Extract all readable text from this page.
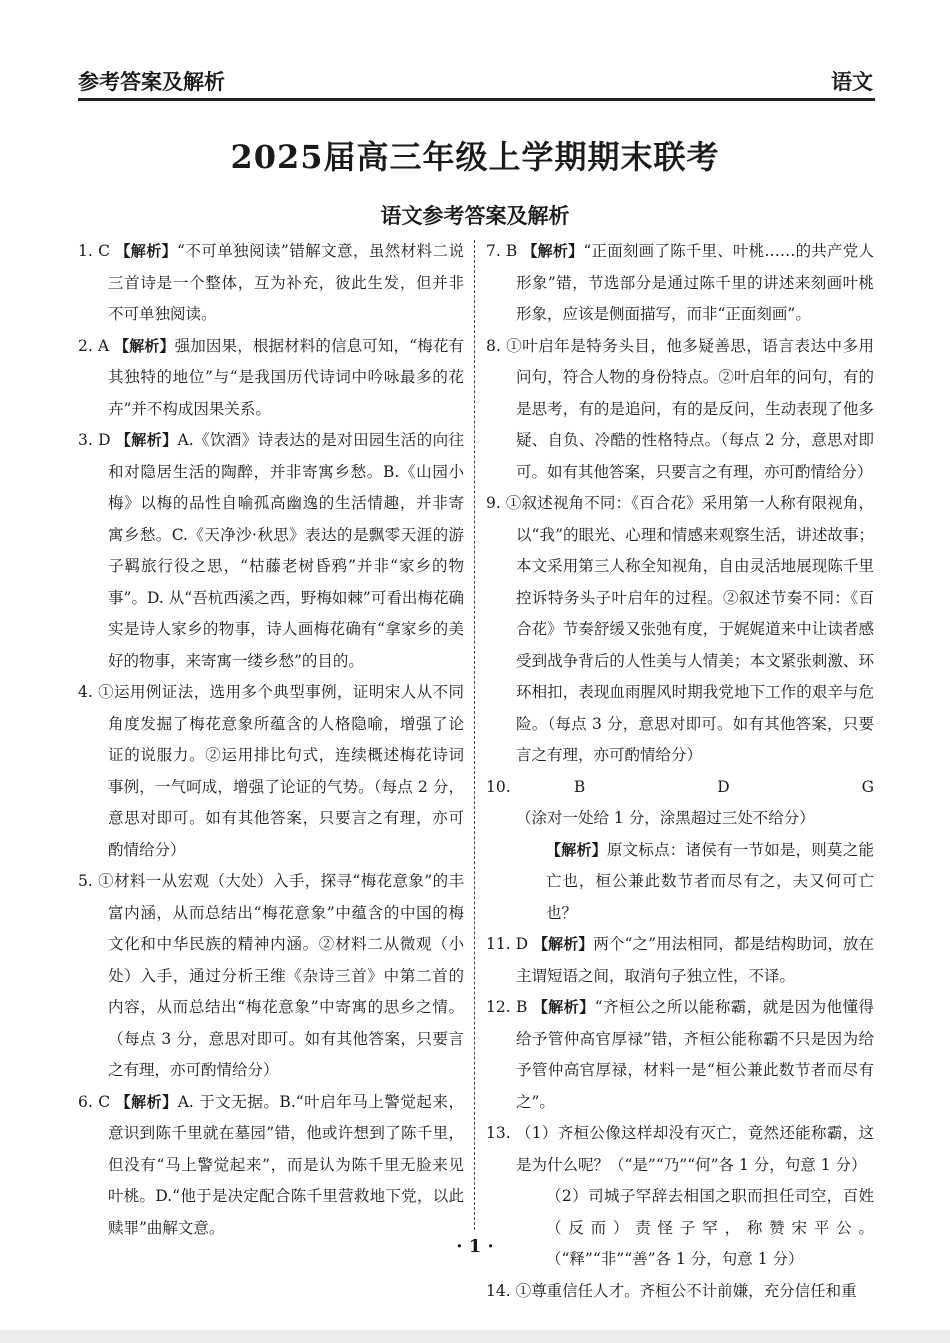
参考答案及解析	语文
2025届高三年级上学期期末联考
语文参考答案及解析
1. C 【解析】“不可单独阅读”错解文意，虽然材料二说三首诗是一个整体，互为补充，彼此生发，但并非不可单独阅读。
2. A 【解析】强加因果，根据材料的信息可知，“梅花有其独特的地位”与“是我国历代诗词中吟咏最多的花卉”并不构成因果关系。
3. D 【解析】A.《饮酒》诗表达的是对田园生活的向往和对隐居生活的陶醉，并非寄寓乡愁。B.《山园小梅》以梅的品性自喻孤高幽逸的生活情趣，并非寄寓乡愁。C.《天净沙·秋思》表达的是飘零天涯的游子羁旅行役之思，“枯藤老树昏鸦”并非“家乡的物事”。D. 从“吾杭西溪之西，野梅如棘”可看出梅花确实是诗人家乡的物事，诗人画梅花确有“拿家乡的美好的物事，来寄寓一缕乡愁”的目的。
4. ①运用例证法，选用多个典型事例，证明宋人从不同角度发掘了梅花意象所蕴含的人格隐喻，增强了论证的说服力。②运用排比句式，连续概述梅花诗词事例，一气呵成，增强了论证的气势。（每点 2 分，意思对即可。如有其他答案，只要言之有理，亦可酌情给分）
5. ①材料一从宏观（大处）入手，探寻“梅花意象”的丰富内涵，从而总结出“梅花意象”中蕴含的中国的梅文化和中华民族的精神内涵。②材料二从微观（小处）入手，通过分析王维《杂诗三首》中第二首的内容，从而总结出“梅花意象”中寄寓的思乡之情。（每点 3 分，意思对即可。如有其他答案，只要言之有理，亦可酌情给分）
6. C 【解析】A. 于文无据。B.“叶启年马上警觉起来，意识到陈千里就在墓园”错，他或许想到了陈千里，但没有“马上警觉起来”，而是认为陈千里无脸来见叶桃。D.“他于是决定配合陈千里营救地下党，以此赎罪”曲解文意。
7. B 【解析】“正面刻画了陈千里、叶桃……的共产党人形象”错，节选部分是通过陈千里的讲述来刻画叶桃形象，应该是侧面描写，而非“正面刻画”。
8. ①叶启年是特务头目，他多疑善思，语言表达中多用问句，符合人物的身份特点。②叶启年的问句，有的是思考，有的是追问，有的是反问，生动表现了他多疑、自负、冷酷的性格特点。（每点 2 分，意思对即可。如有其他答案，只要言之有理，亦可酌情给分）
9. ①叙述视角不同：《百合花》采用第一人称有限视角，以“我”的眼光、心理和情感来观察生活，讲述故事；本文采用第三人称全知视角，自由灵活地展现陈千里控诉特务头子叶启年的过程。②叙述节奏不同：《百合花》节奏舒缓又张弛有度，于娓娓道来中让读者感受到战争背后的人性美与人情美；本文紧张刺激、环环相扣，表现血雨腥风时期我党地下工作的艰辛与危险。（每点 3 分，意思对即可。如有其他答案，只要言之有理，亦可酌情给分）
10. B　D　G（涂对一处给 1 分，涂黑超过三处不给分）
【解析】原文标点：诸侯有一节如是，则莫之能亡也，桓公兼此数节者而尽有之，夫又何可亡也？
11. D 【解析】两个“之”用法相同，都是结构助词，放在主谓短语之间，取消句子独立性，不译。
12. B 【解析】“齐桓公之所以能称霸，就是因为他懂得给予管仲高官厚禄”错，齐桓公能称霸不只是因为给予管仲高官厚禄，材料一是“桓公兼此数节者而尽有之”。
13. （1）齐桓公像这样却没有灭亡，竟然还能称霸，这是为什么呢？（“是”“乃”“何”各 1 分，句意 1 分）
（2）司城子罕辞去相国之职而担任司空，百姓（反而）责怪子罕，称赞宋平公。（“释”“非”“善”各 1 分，句意 1 分）
14. ①尊重信任人才。齐桓公不计前嫌，充分信任和重
· 1 ·
